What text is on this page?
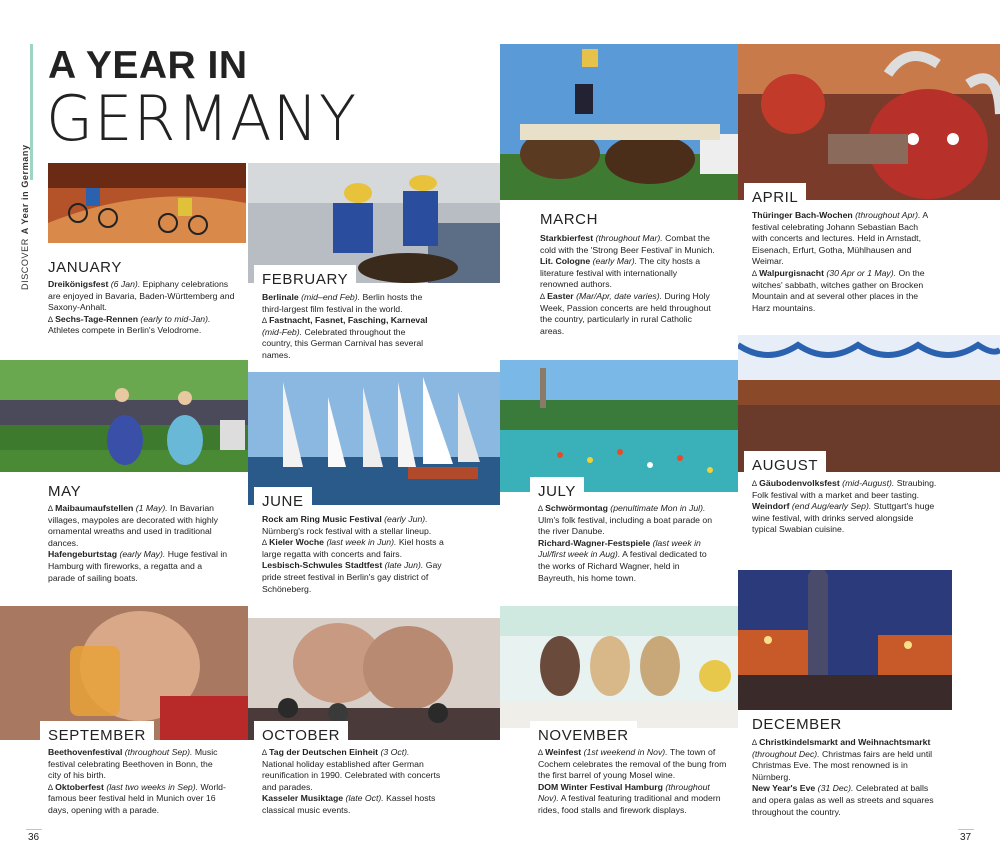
DISCOVERA Year in Germany
A YEAR IN
GERMANY
JANUARY
FEBRUARY
MARCH
APRIL
MAY
JUNE
JULY
AUGUST
SEPTEMBER	OCTOBER	NOVEMBER
DECEMBER

Dreikönigsfest (6 Jan). Epiphany celebrations are enjoyed in Bavaria, Baden-Württemberg and Saxony-Anhalt.

∆ Sechs-Tage-Rennen (early to mid-Jan). Athletes compete in Berlin's Velodrome.

Berlinale (mid–end Feb). Berlin hosts the third-largest film festival in the world.

∆ Fastnacht, Fasnet, Fasching, Karneval (mid-Feb). Celebrated throughout the country, this German Carnival has several names.

Starkbierfest (throughout Mar). Combat the cold with the 'Strong Beer Festival' in Munich.

Lit. Cologne (early Mar). The city hosts a literature festival with internationally renowned authors.

∆ Easter (Mar/Apr, date varies). During Holy Week, Passion concerts are held throughout the country, particularly in rural Catholic areas.

Thüringer Bach-Wochen (throughout Apr). A festival celebrating Johann Sebastian Bach with concerts and lectures. Held in Arnstadt, Eisenach, Erfurt, Gotha, Mühlhausen and Weimar.

∆ Walpurgisnacht (30 Apr or 1 May). On the witches' sabbath, witches gather on Brocken Mountain and at several other places in the Harz mountains.

∆ Maibaumaufstellen (1 May). In Bavarian villages, maypoles are decorated with highly ornamental wreaths and used in traditional dances.

Hafengeburtstag (early May). Huge festival in Hamburg with fireworks, a regatta and a parade of sailing boats.

Rock am Ring Music Festival (early Jun). Nürnberg's rock festival with a stellar lineup.

∆ Kieler Woche (last week in Jun). Kiel hosts a large regatta with concerts and fairs.

Lesbisch-Schwules Stadtfest (late Jun). Gay pride street festival in Berlin's gay district of Schöneberg.

∆ Schwörmontag (penultimate Mon in Jul). Ulm's folk festival, including a boat parade on the river Danube.

Richard-Wagner-Festspiele (last week in Jul/first week in Aug). A festival dedicated to the works of Richard Wagner, held in Bayreuth, his home town.

∆ Gäubodenvolksfest (mid-August). Straubing. Folk festival with a market and beer tasting.

Weindorf (end Aug/early Sep). Stuttgart's huge wine festival, with drinks served alongside typical Swabian cuisine.

Beethovenfestival (throughout Sep). Music festival celebrating Beethoven in Bonn, the city of his birth.

∆ Oktoberfest (last two weeks in Sep). World- famous beer festival held in Munich over 16 days, opening with a parade.

∆ Tag der Deutschen Einheit (3 Oct). National holiday established after German reunification in 1990. Celebrated with concerts and parades.

Kasseler Musiktage (late Oct). Kassel hosts classical music events.

∆ Weinfest (1st weekend in Nov). The town of Cochem celebrates the removal of the bung from the first barrel of young Mosel wine.

DOM Winter Festival Hamburg (throughout Nov). A festival featuring traditional and modern rides, food stalls and firework displays.

∆ Christkindelsmarkt and Weihnachtsmarkt (throughout Dec). Christmas fairs are held until Christmas Eve. The most renowned is in Nürnberg.

New Year's Eve (31 Dec). Celebrated at balls and opera galas as well as streets and squares throughout the country.

36	37
